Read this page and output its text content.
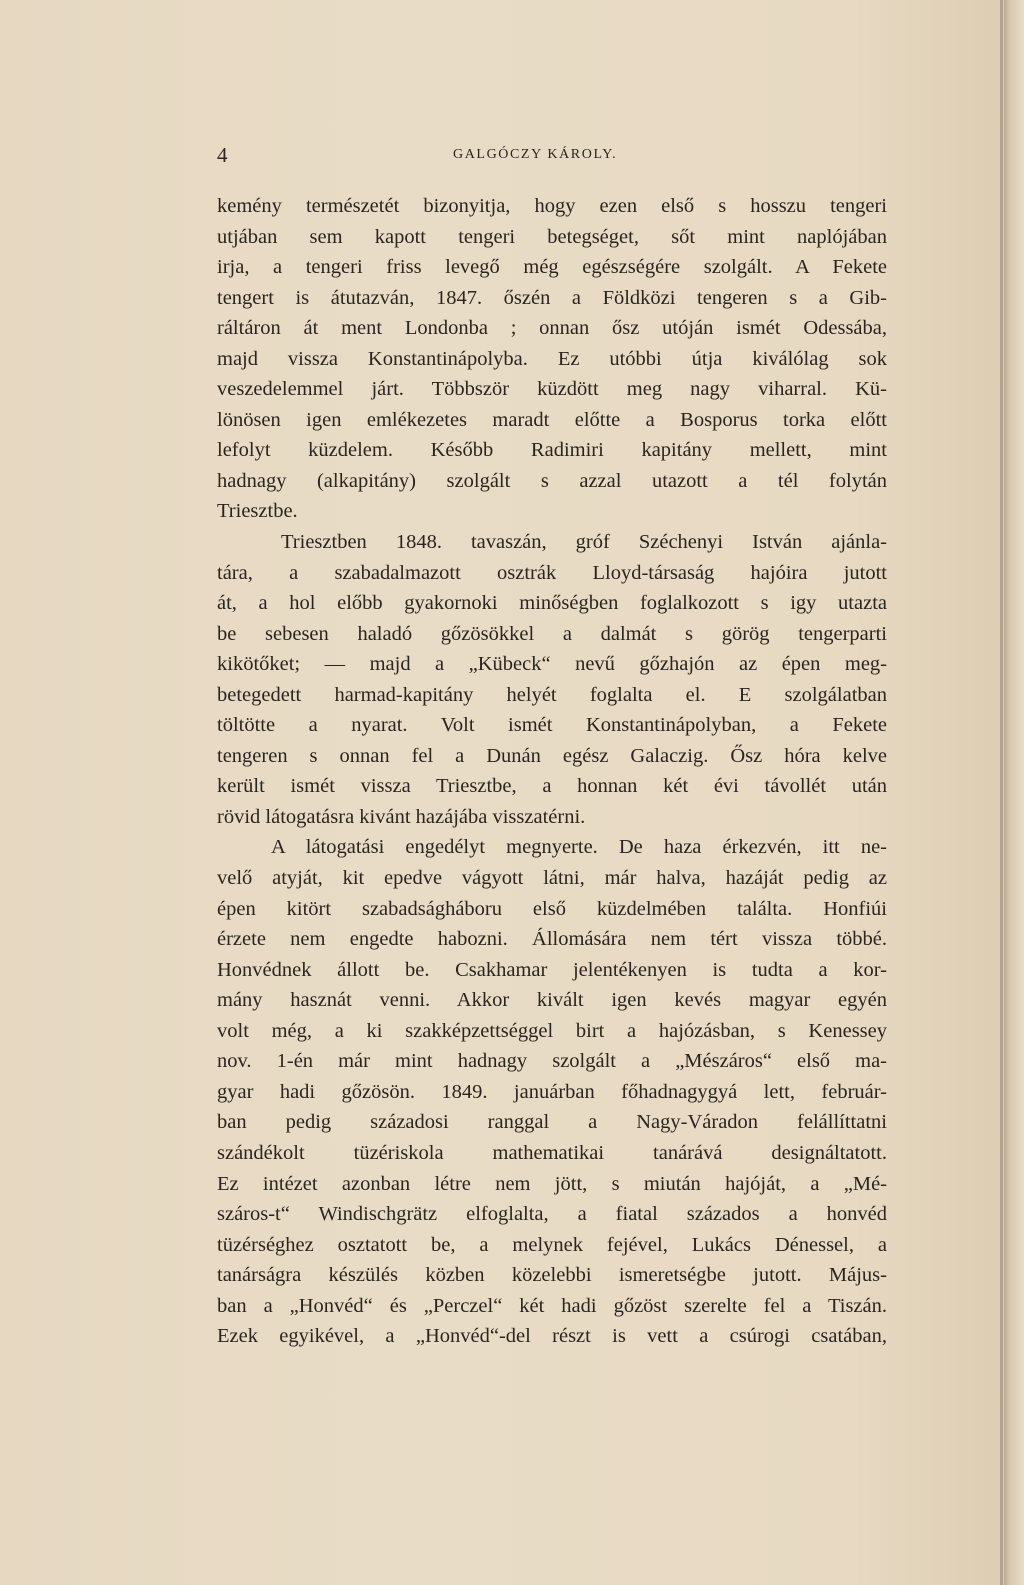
4	GALGÓCZY KÁROLY.
kemény természetét bizonyitja, hogy ezen első s hosszu tengeri
utjában sem kapott tengeri betegséget, sőt mint naplójában
irja, a tengeri friss levegő még egészségére szolgált. A Fekete
tengert is átutazván, 1847. őszén a Földközi tengeren s a Gib-
ráltáron át ment Londonba ; onnan ősz utóján ismét Odessába,
majd vissza Konstantinápolyba. Ez utóbbi útja kiválólag sok
veszedelemmel járt. Többször küzdött meg nagy viharral. Kü-
lönösen igen emlékezetes maradt előtte a Bosporus torka előtt
lefolyt küzdelem. Később Radimiri kapitány mellett, mint
hadnagy (alkapitány) szolgált s azzal utazott a tél folytán
Triesztbe.
Triesztben 1848. tavaszán, gróf Széchenyi István ajánla-
tára, a szabadalmazott osztrák Lloyd-társaság hajóira jutott
át, a hol előbb gyakornoki minőségben foglalkozott s igy utazta
be sebesen haladó gőzösökkel a dalmát s görög tengerparti
kikötőket; — majd a „Kübeck“ nevű gőzhajón az épen meg-
betegedett harmad-kapitány helyét foglalta el. E szolgálatban
töltötte a nyarat. Volt ismét Konstantinápolyban, a Fekete
tengeren s onnan fel a Dunán egész Galaczig. Ősz hóra kelve
került ismét vissza Triesztbe, a honnan két évi távollét után
rövid látogatásra kivánt hazájába visszatérni.
A látogatási engedélyt megnyerte. De haza érkezvén, itt ne-
velő atyját, kit epedve vágyott látni, már halva, hazáját pedig az
épen kitört szabadságháboru első küzdelmében találta. Honfiúi
érzete nem engedte habozni. Állomására nem tért vissza többé.
Honvédnek állott be. Csakhamar jelentékenyen is tudta a kor-
mány hasznát venni. Akkor kivált igen kevés magyar egyén
volt még, a ki szakképzettséggel birt a hajózásban, s Kenessey
nov. 1-én már mint hadnagy szolgált a „Mészáros“ első ma-
gyar hadi gőzösön. 1849. januárban főhadnagygyá lett, február-
ban pedig századosi ranggal a Nagy-Váradon felállíttatni
szándékolt tüzériskola mathematikai tanárává designáltatott.
Ez intézet azonban létre nem jött, s miután hajóját, a „Mé-
száros-t“ Windischgrätz elfoglalta, a fiatal százados a honvéd
tüzérséghez osztatott be, a melynek fejével, Lukács Dénessel, a
tanárságra készülés közben közelebbi ismeretségbe jutott. Május-
ban a „Honvéd“ és „Perczel“ két hadi gőzöst szerelte fel a Tiszán.
Ezek egyikével, a „Honvéd“-del részt is vett a csúrogi csatában,
